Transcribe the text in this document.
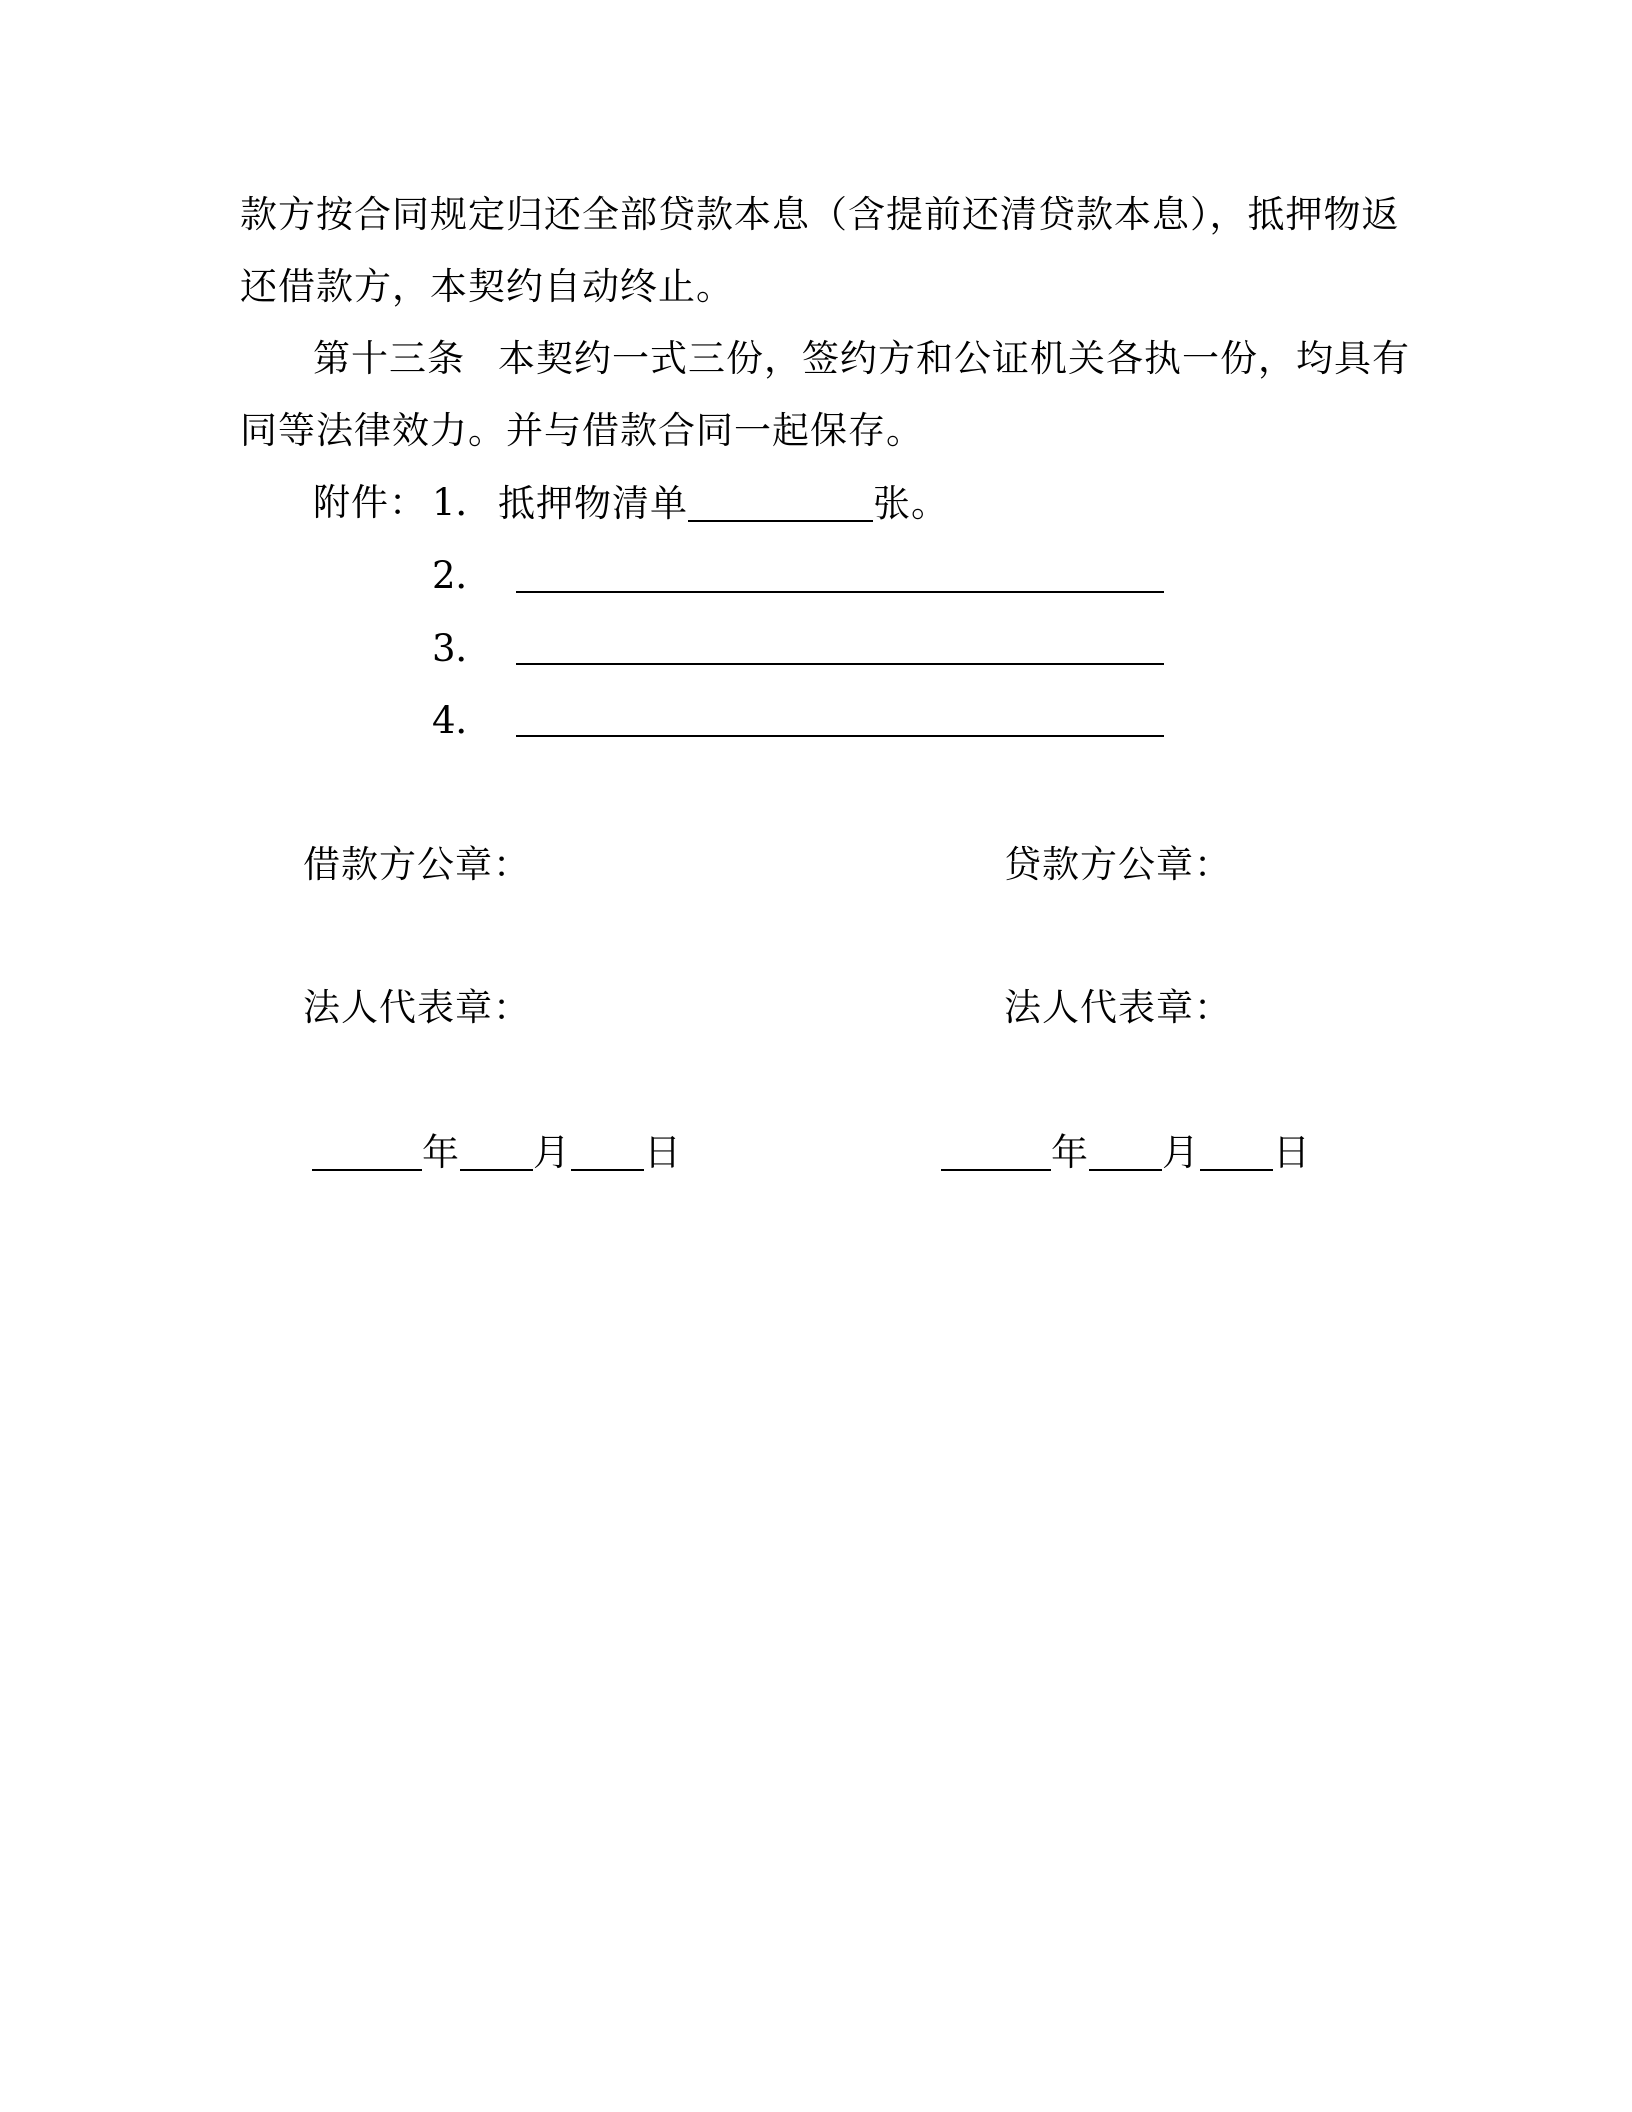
款方按合同规定归还全部贷款本息（含提前还清贷款本息），抵押物返
还借款方，本契约自动终止。
第十三条 本契约一式三份，签约方和公证机关各执一份，均具有
同等法律效力。并与借款合同一起保存。
附件： 1． 抵押物清单	张。
2．
3．
4．
借款方公章：	贷款方公章：
法人代表章：	法人代表章：
年 月 日	年 月 日
